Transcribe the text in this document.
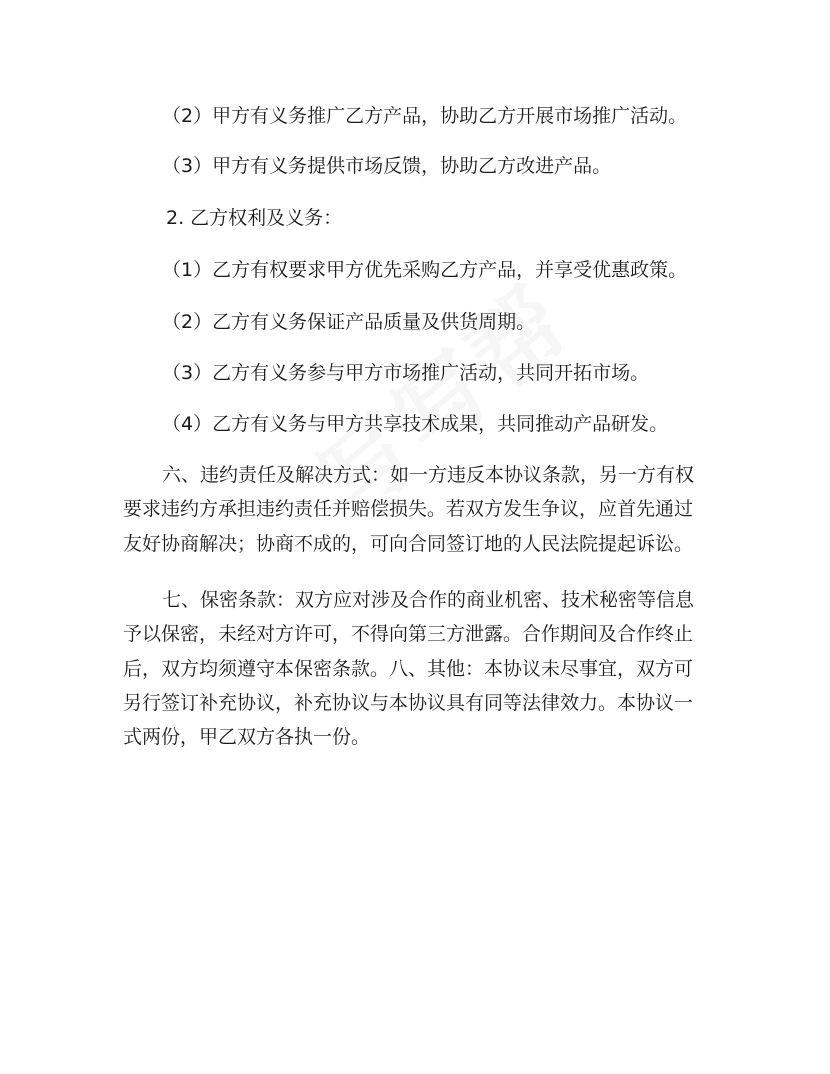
（2）甲方有义务推广乙方产品，协助乙方开展市场推广活动。
（3）甲方有义务提供市场反馈，协助乙方改进产品。
2. 乙方权利及义务：
（1）乙方有权要求甲方优先采购乙方产品，并享受优惠政策。
（2）乙方有义务保证产品质量及供货周期。
（3）乙方有义务参与甲方市场推广活动，共同开拓市场。
（4）乙方有义务与甲方共享技术成果，共同推动产品研发。
六、违约责任及解决方式：如一方违反本协议条款，另一方有权
要求违约方承担违约责任并赔偿损失。若双方发生争议，应首先通过
友好协商解决；协商不成的，可向合同签订地的人民法院提起诉讼。
七、保密条款：双方应对涉及合作的商业机密、技术秘密等信息
予以保密，未经对方许可，不得向第三方泄露。合作期间及合作终止
后，双方均须遵守本保密条款。八、其他：本协议未尽事宜，双方可
另行签订补充协议，补充协议与本协议具有同等法律效力。本协议一
式两份，甲乙双方各执一份。
